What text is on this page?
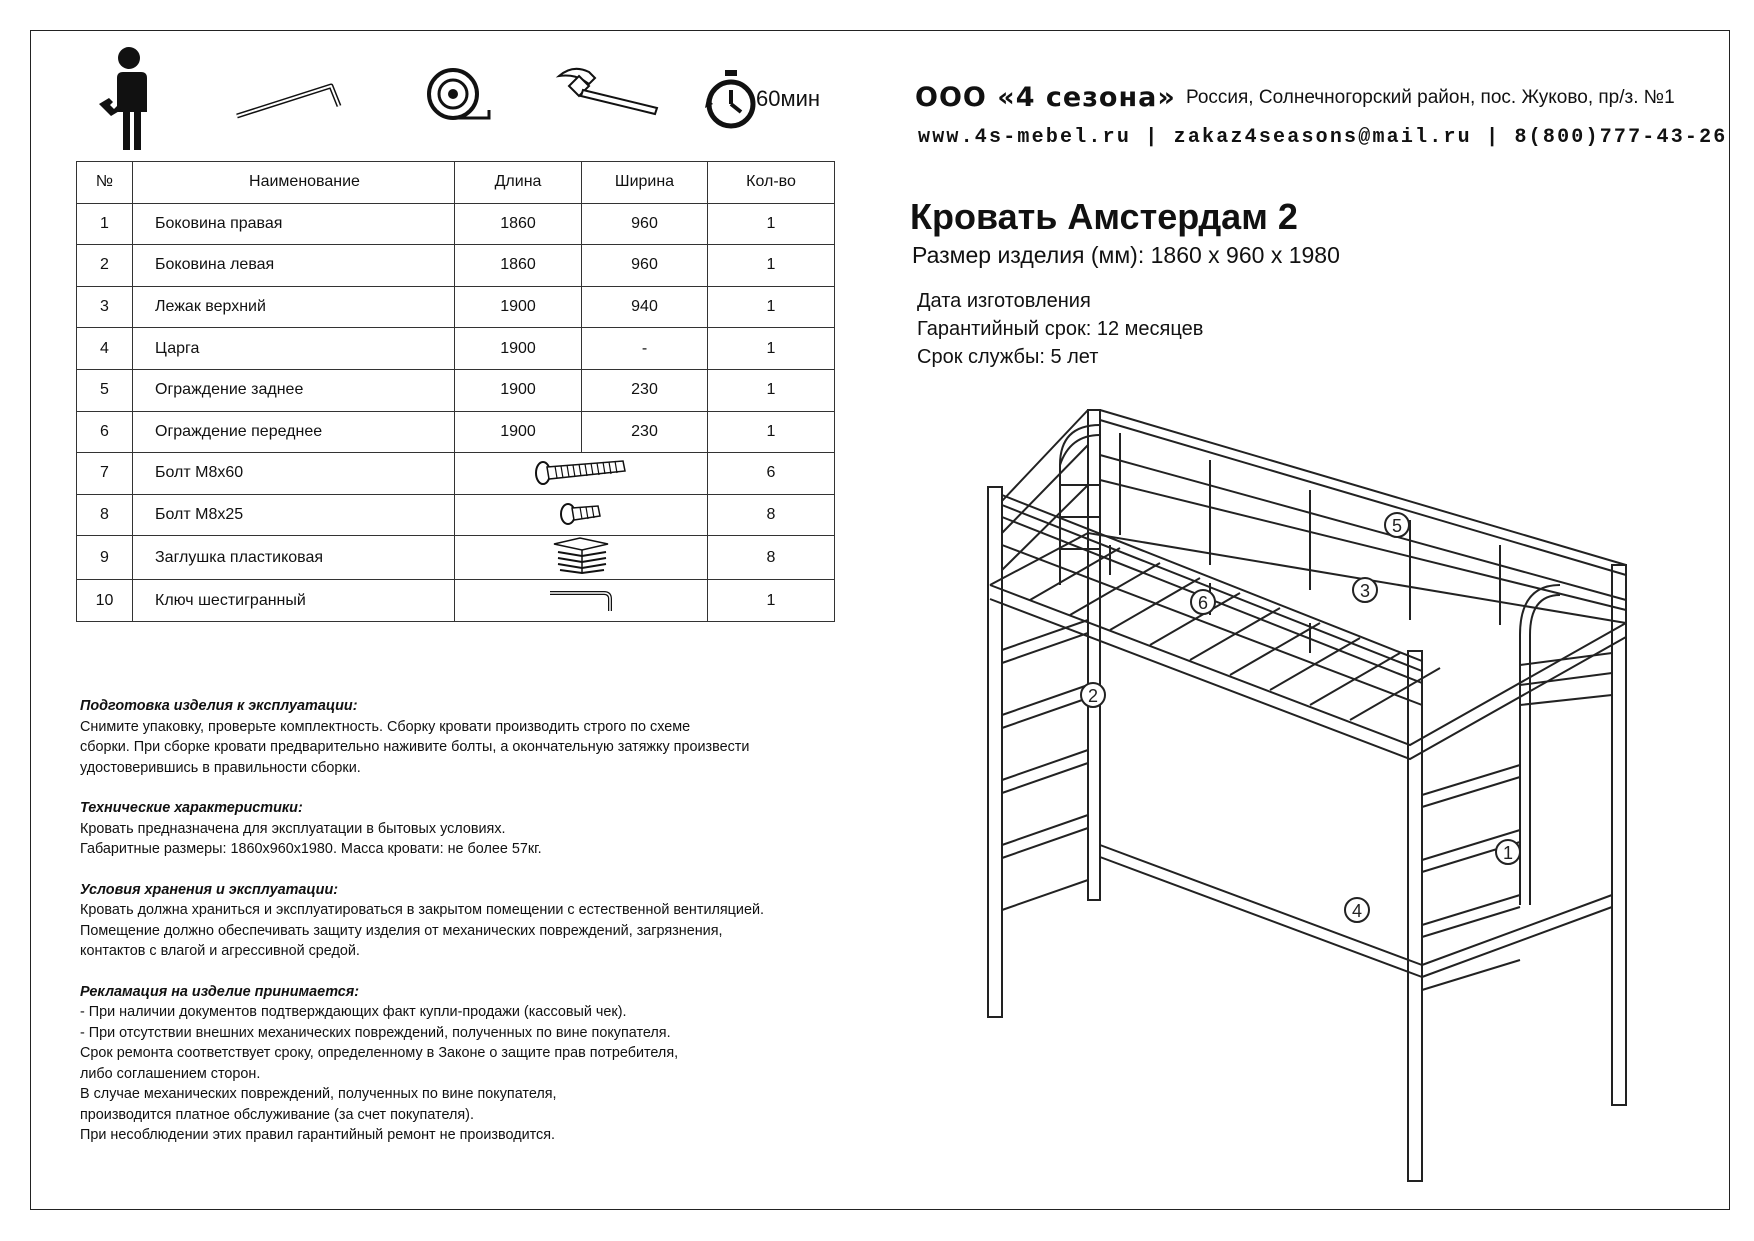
60мин	ООО «4 сезона» Россия, Солнечногорский район, пос. Жуково, пр/з. №1
www.4s-mebel.ru | zakaz4seasons@mail.ru | 8(800)777-43-26
Кровать Амстердам 2
Размер изделия (мм): 1860 x 960 x 1980
Дата изготовления
Гарантийный срок: 12 месяцев
Срок службы: 5 лет
№	Наименование	Длина	Ширина	Кол-во
1	Боковина правая	1860	960	1
2	Боковина левая	1860	960	1
3	Лежак верхний	1900	940	1
4	Царга	1900	-	1
5	Ограждение заднее	1900	230	1
6	Ограждение переднее	1900	230	1
7	Болт М8x60			6
8	Болт М8x25			8
9	Заглушка пластиковая			8
10	Ключ шестигранный			1
Подготовка изделия к эксплуатации:
Снимите упаковку, проверьте комплектность. Сборку кровати производить строго по схеме
сборки. При сборке кровати предварительно наживите болты, а окончательную затяжку произвести
удостоверившись в правильности сборки.
Технические характеристики:
Кровать предназначена для эксплуатации в бытовых условиях.
Габаритные размеры: 1860x960x1980. Масса кровати: не более 57кг.
Условия хранения и эксплуатации:
Кровать должна храниться и эксплуатироваться в закрытом помещении с естественной вентиляцией.
Помещение должно обеспечивать защиту изделия от механических повреждений, загрязнения,
контактов с влагой и агрессивной средой.
Рекламация на изделие принимается:
- При наличии документов подтверждающих факт купли-продажи (кассовый чек).
- При отсутствии внешних механических повреждений, полученных по вине покупателя.
Срок ремонта соответствует сроку, определенному в Законе о защите прав потребителя,
либо соглашением сторон.
В случае механических повреждений, полученных по вине покупателя,
производится платное обслуживание (за счет покупателя).
При несоблюдении этих правил гарантийный ремонт не производится.
5
3
6
2
1
4
